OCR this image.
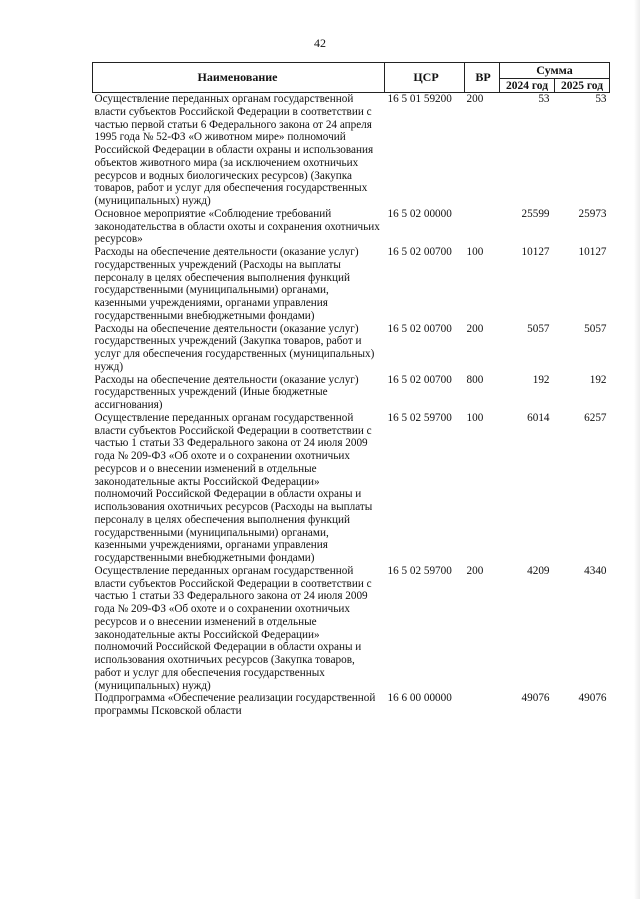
42
Наименование	ЦСР	ВР	Сумма	
			2024 год	2025 год
Осуществление переданных органам государственной власти субъектов Российской Федерации в соответствии с частью первой статьи 6 Федерального закона от 24 апреля 1995 года № 52-ФЗ «О животном мире» полномочий Российской Федерации в области охраны и использования объектов животного мира (за исключением охотничьих ресурсов и водных биологических ресурсов) (Закупка товаров, работ и услуг для обеспечения государственных (муниципальных) нужд)	16 5 01 59200	200	53	53
Основное мероприятие «Соблюдение требований законодательства в области охоты и сохранения охотничьих ресурсов»	16 5 02 00000		25599	25973
Расходы на обеспечение деятельности (оказание услуг) государственных учреждений (Расходы на выплаты персоналу в целях обеспечения выполнения функций государственными (муниципальными) органами, казенными учреждениями, органами управления государственными внебюджетными фондами)	16 5 02 00700	100	10127	10127
Расходы на обеспечение деятельности (оказание услуг) государственных учреждений (Закупка товаров, работ и услуг для обеспечения государственных (муниципальных) нужд)	16 5 02 00700	200	5057	5057
Расходы на обеспечение деятельности (оказание услуг) государственных учреждений (Иные бюджетные ассигнования)	16 5 02 00700	800	192	192
Осуществление переданных органам государственной власти субъектов Российской Федерации в соответствии с частью 1 статьи 33 Федерального закона от 24 июля 2009 года № 209-ФЗ «Об охоте и о сохранении охотничьих ресурсов и о внесении изменений в отдельные законодательные акты Российской Федерации» полномочий Российской Федерации в области охраны и использования охотничьих ресурсов (Расходы на выплаты персоналу в целях обеспечения выполнения функций государственными (муниципальными) органами, казенными учреждениями, органами управления государственными внебюджетными фондами)	16 5 02 59700	100	6014	6257
Осуществление переданных органам государственной власти субъектов Российской Федерации в соответствии с частью 1 статьи 33 Федерального закона от 24 июля 2009 года № 209-ФЗ «Об охоте и о сохранении охотничьих ресурсов и о внесении изменений в отдельные законодательные акты Российской Федерации» полномочий Российской Федерации в области охраны и использования охотничьих ресурсов (Закупка товаров, работ и услуг для обеспечения государственных (муниципальных) нужд)	16 5 02 59700	200	4209	4340
Подпрограмма «Обеспечение реализации государственной программы Псковской области	16 6 00 00000		49076	49076
